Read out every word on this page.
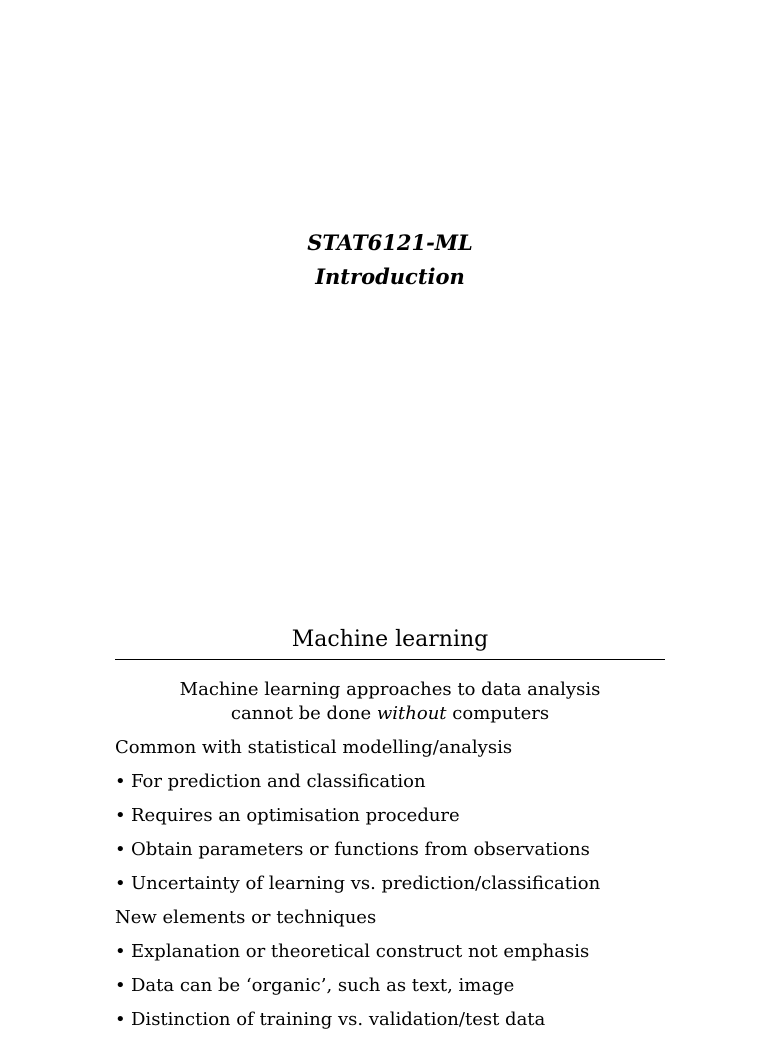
STAT6121-ML

Introduction

Machine learning

Machine learning approaches to data analysis
cannot be done without computers

Common with statistical modelling/analysis

• For prediction and classification

• Requires an optimisation procedure

• Obtain parameters or functions from observations

• Uncertainty of learning vs. prediction/classification

New elements or techniques

• Explanation or theoretical construct not emphasis

• Data can be ‘organic’, such as text, image

• Distinction of training vs. validation/test data
